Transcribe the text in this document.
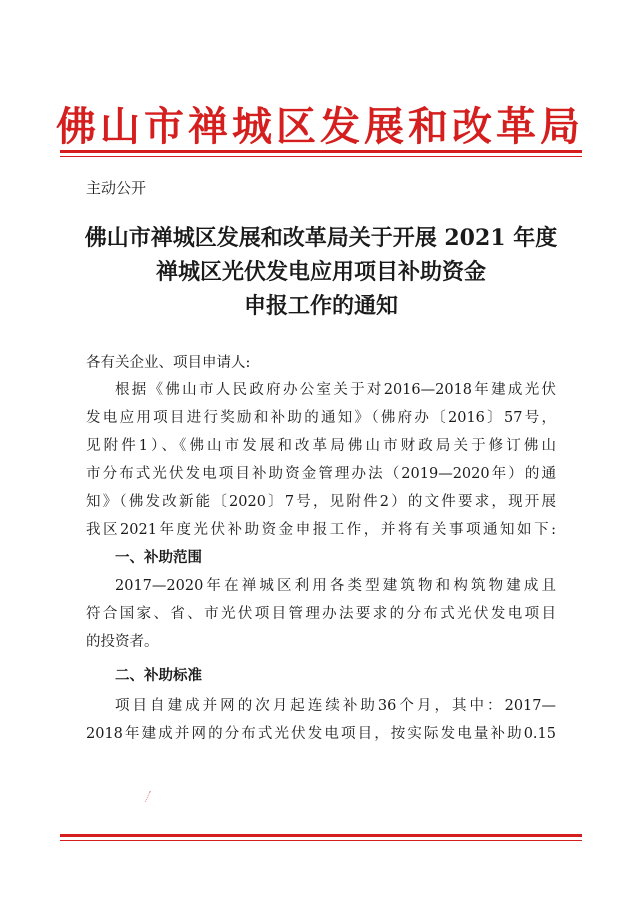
佛山市禅城区发展和改革局
主动公开
佛山市禅城区发展和改革局关于开展 2021 年度
禅城区光伏发电应用项目补助资金
申报工作的通知
各有关企业、项目申请人:
根据《佛山市人民政府办公室关于对2016—2018年建成光伏
发电应用项目进行奖励和补助的通知》（佛府办〔2016〕57号，
见附件1）、《佛山市发展和改革局佛山市财政局关于修订佛山
市分布式光伏发电项目补助资金管理办法（2019—2020年）的通
知》（佛发改新能〔2020〕7号，见附件2）的文件要求，现开展
我区2021年度光伏补助资金申报工作，并将有关事项通知如下:
一、补助范围
2017—2020年在禅城区利用各类型建筑物和构筑物建成且
符合国家、省、市光伏项目管理办法要求的分布式光伏发电项目
的投资者。
二、补助标准
项目自建成并网的次月起连续补助36个月，其中：2017—
2018年建成并网的分布式光伏发电项目，按实际发电量补助0.15
